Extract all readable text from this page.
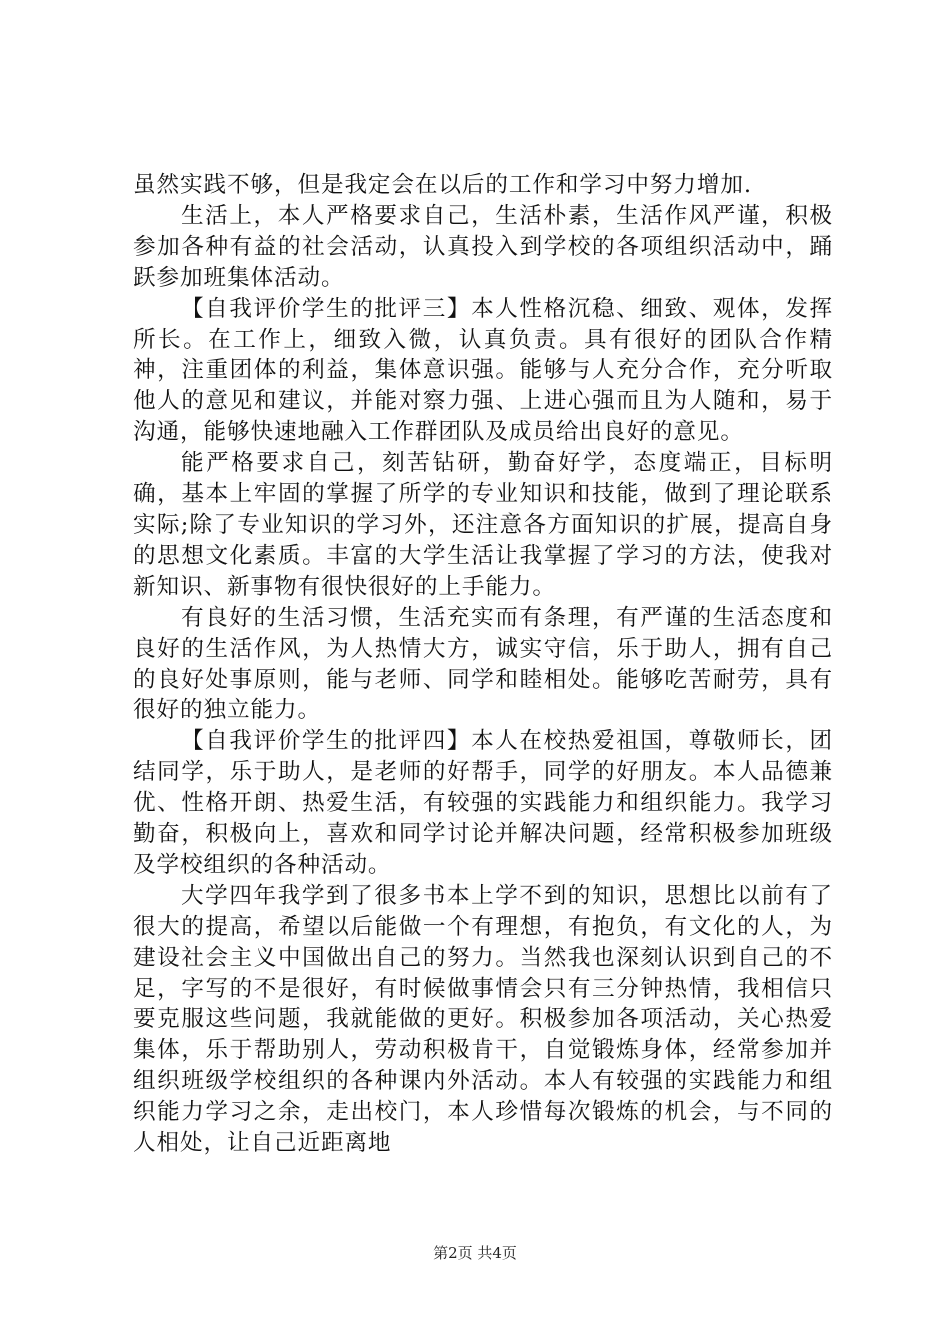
虽然实践不够，但是我定会在以后的工作和学习中努力增加.

生活上，本人严格要求自己，生活朴素，生活作风严谨，积极参加各种有益的社会活动，认真投入到学校的各项组织活动中，踊跃参加班集体活动。

【自我评价学生的批评三】本人性格沉稳、细致、观体，发挥所长。在工作上，细致入微，认真负责。具有很好的团队合作精神，注重团体的利益，集体意识强。能够与人充分合作，充分听取他人的意见和建议，并能对察力强、上进心强而且为人随和，易于沟通，能够快速地融入工作群团队及成员给出良好的意见。

能严格要求自己，刻苦钻研，勤奋好学，态度端正，目标明确，基本上牢固的掌握了所学的专业知识和技能，做到了理论联系实际;除了专业知识的学习外，还注意各方面知识的扩展，提高自身的思想文化素质。丰富的大学生活让我掌握了学习的方法，使我对新知识、新事物有很快很好的上手能力。

有良好的生活习惯，生活充实而有条理，有严谨的生活态度和良好的生活作风，为人热情大方，诚实守信，乐于助人，拥有自己的良好处事原则，能与老师、同学和睦相处。能够吃苦耐劳，具有很好的独立能力。

【自我评价学生的批评四】本人在校热爱祖国，尊敬师长，团结同学，乐于助人，是老师的好帮手，同学的好朋友。本人品德兼优、性格开朗、热爱生活，有较强的实践能力和组织能力。我学习勤奋，积极向上，喜欢和同学讨论并解决问题，经常积极参加班级及学校组织的各种活动。

大学四年我学到了很多书本上学不到的知识，思想比以前有了很大的提高，希望以后能做一个有理想，有抱负，有文化的人，为建设社会主义中国做出自己的努力。当然我也深刻认识到自己的不足，字写的不是很好，有时候做事情会只有三分钟热情，我相信只要克服这些问题，我就能做的更好。积极参加各项活动，关心热爱集体，乐于帮助别人，劳动积极肯干，自觉锻炼身体，经常参加并组织班级学校组织的各种课内外活动。本人有较强的实践能力和组织能力学习之余，走出校门，本人珍惜每次锻炼的机会，与不同的人相处，让自己近距离地

第2页 共4页
